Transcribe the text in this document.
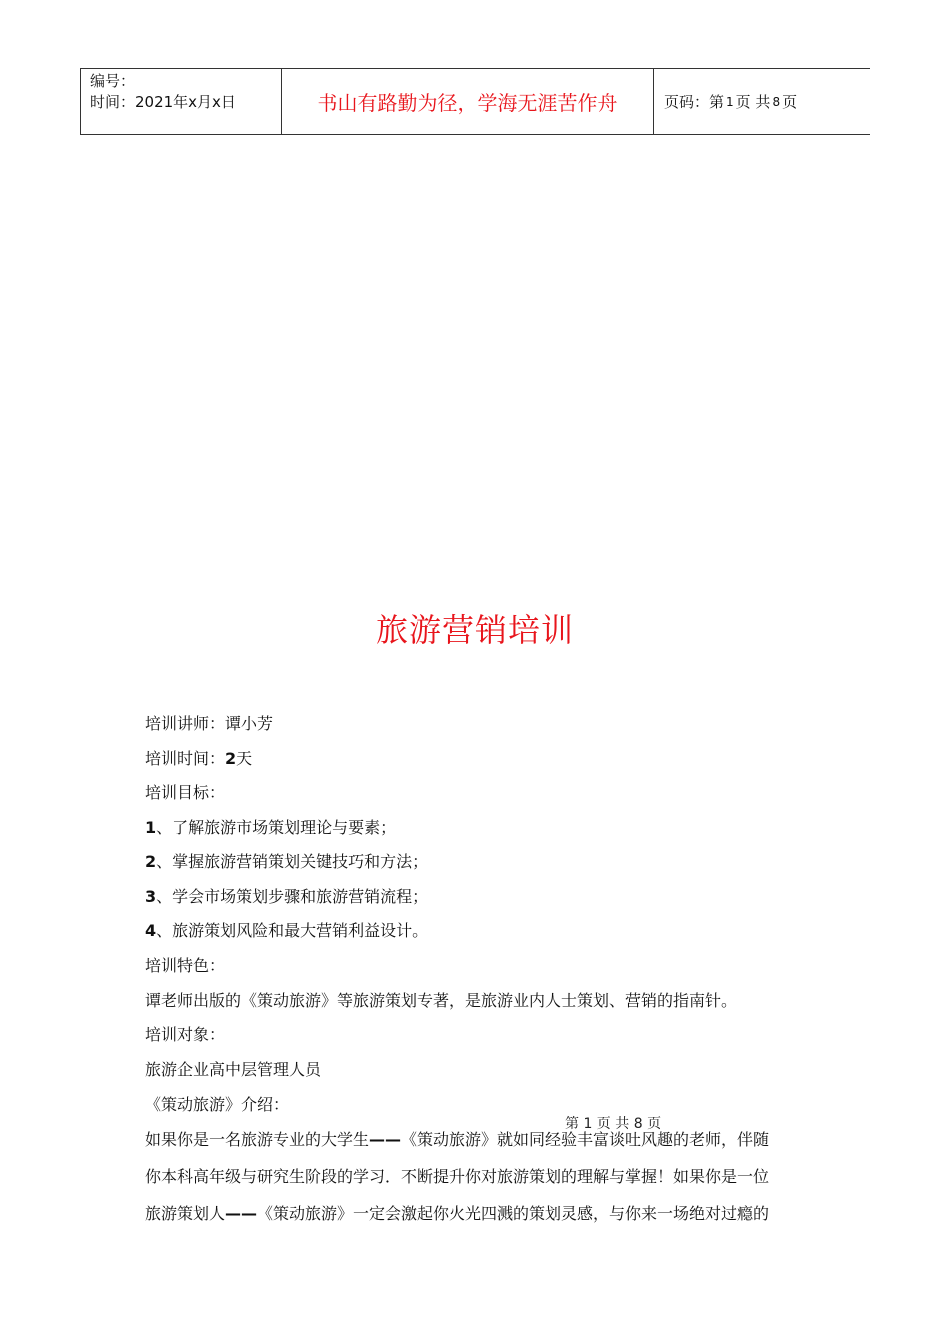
编号：
时间：2021年x月x日	书山有路勤为径，学海无涯苦作舟	页码：第 1 页 共 8 页
旅游营销培训
培训讲师：谭小芳
培训时间：2天
培训目标：
1、了解旅游市场策划理论与要素；
2、掌握旅游营销策划关键技巧和方法；
3、学会市场策划步骤和旅游营销流程；
4、旅游策划风险和最大营销利益设计。
培训特色：
谭老师出版的《策动旅游》等旅游策划专著，是旅游业内人士策划、营销的指南针。
培训对象：
旅游企业高中层管理人员
《策动旅游》介绍：
第 1 页 共 8 页
如果你是一名旅游专业的大学生——《策动旅游》就如同经验丰富谈吐风趣的老师，伴随
你本科高年级与研究生阶段的学习．不断提升你对旅游策划的理解与掌握！如果你是一位
旅游策划人——《策动旅游》一定会激起你火光四溅的策划灵感，与你来一场绝对过瘾的
